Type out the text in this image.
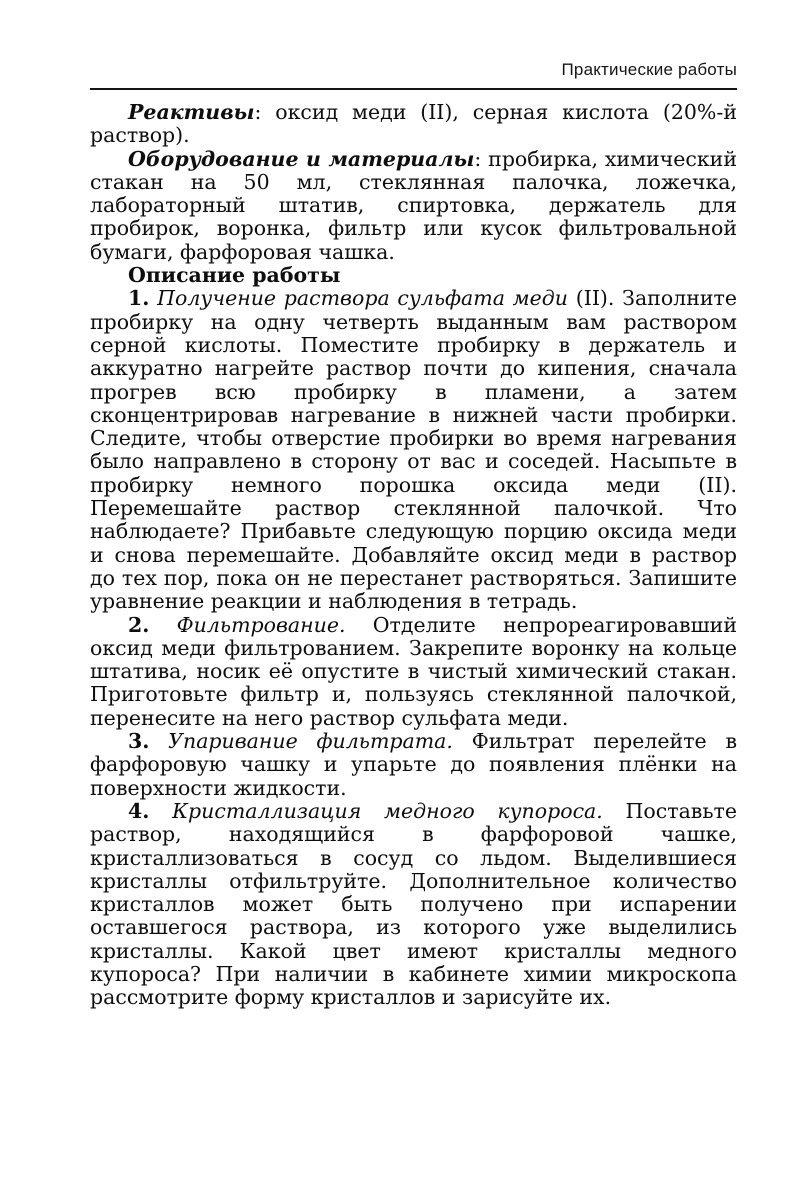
Практические работы

Реактивы: оксид меди (II), серная кислота (20%-й раствор).

Оборудование и материалы: пробирка, химический стакан на 50 мл, стеклянная палочка, ложечка, лабораторный штатив, спиртовка, держатель для пробирок, воронка, фильтр или кусок фильтровальной бумаги, фарфоровая чашка.

Описание работы

1. Получение раствора сульфата меди (II). Заполните пробирку на одну четверть выданным вам раствором серной кислоты. Поместите пробирку в держатель и аккуратно нагрейте раствор почти до кипения, сначала прогрев всю пробирку в пламени, а затем сконцентрировав нагревание в нижней части пробирки. Следите, чтобы отверстие пробирки во время нагревания было направлено в сторону от вас и соседей. Насыпьте в пробирку немного порошка оксида меди (II). Перемешайте раствор стеклянной палочкой. Что наблюдаете? Прибавьте следующую порцию оксида меди и снова перемешайте. Добавляйте оксид меди в раствор до тех пор, пока он не перестанет растворяться. Запишите уравнение реакции и наблюдения в тетрадь.

2. Фильтрование. Отделите непрореагировавший оксид меди фильтрованием. Закрепите воронку на кольце штатива, носик её опустите в чистый химический стакан. Приготовьте фильтр и, пользуясь стеклянной палочкой, перенесите на него раствор сульфата меди.

3. Упаривание фильтрата. Фильтрат перелейте в фарфоровую чашку и упарьте до появления плёнки на поверхности жидкости.

4. Кристаллизация медного купороса. Поставьте раствор, находящийся в фарфоровой чашке, кристаллизоваться в сосуд со льдом. Выделившиеся кристаллы отфильтруйте. Дополнительное количество кристаллов может быть получено при испарении оставшегося раствора, из которого уже выделились кристаллы. Какой цвет имеют кристаллы медного купороса? При наличии в кабинете химии микроскопа рассмотрите форму кристаллов и зарисуйте их.
